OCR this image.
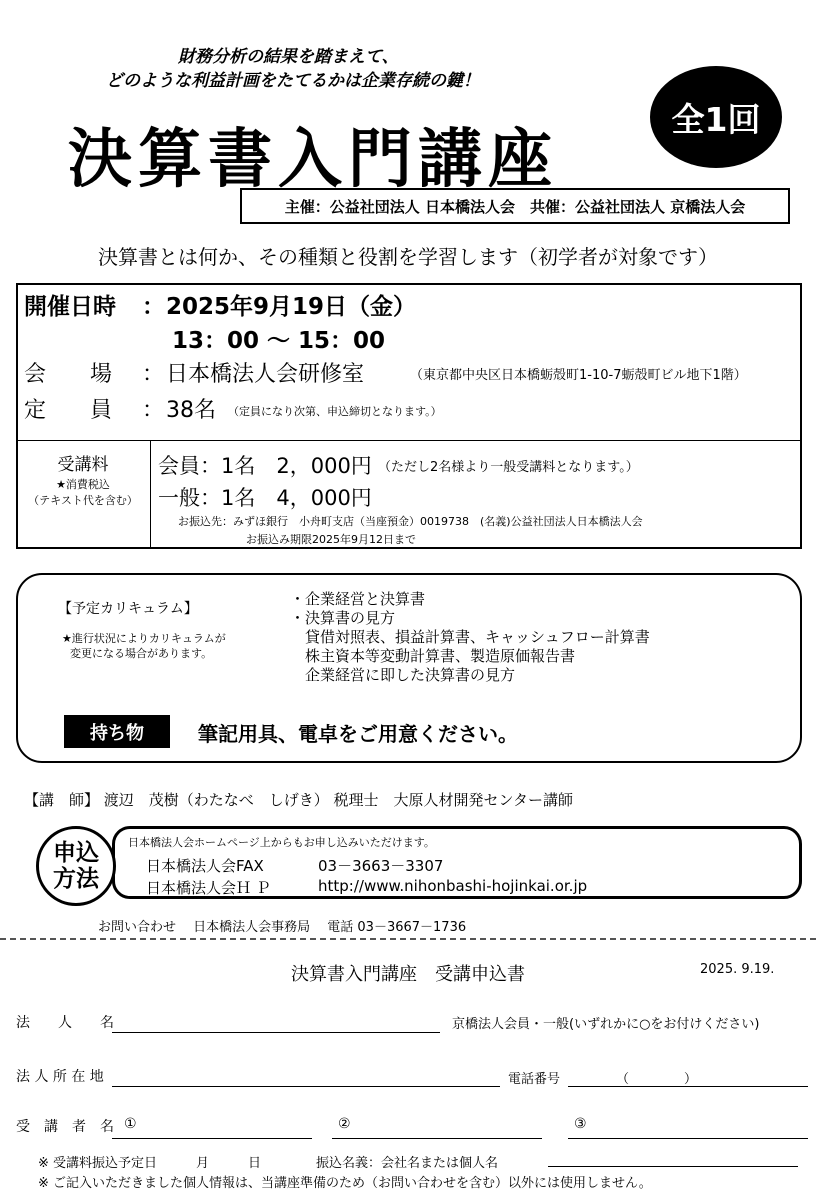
財務分析の結果を踏まえて、
どのような利益計画をたてるかは企業存続の鍵！
決算書入門講座
全1回
主催：公益社団法人 日本橋法人会　共催：公益社団法人 京橋法人会
決算書とは何か、その種類と役割を学習します（初学者が対象です）
開催日時 ： 2025年9月19日（金）
13：00 ～ 15：00
会　　場 ： 日本橋法人会研修室	（東京都中央区日本橋蛎殻町1-10-7蛎殻町ビル地下1階）
定　　員 ： 38名 （定員になり次第、申込締切となります。）
受講料
★消費税込
（テキスト代を含む）
会員：1名　2，000円 （ただし2名様より一般受講料となります。）
一般：1名　4，000円
お振込先：みずほ銀行　小舟町支店（当座預金）0019738　(名義)公益社団法人日本橋法人会
お振込み期限2025年9月12日まで
【予定カリキュラム】
★進行状況によりカリキュラムが
変更になる場合があります。
・企業経営と決算書
・決算書の見方
　貸借対照表、損益計算書、キャッシュフロー計算書
　株主資本等変動計算書、製造原価報告書
　企業経営に即した決算書の見方
持ち物	筆記用具、電卓をご用意ください。
【講　師】 渡辺　茂樹（わたなべ　しげき） 税理士　大原人材開発センター講師
申込
方法
日本橋法人会ホームページ上からもお申し込みいただけます。
日本橋法人会FAX	03－3663－3307
日本橋法人会Ｈ Ｐ	http://www.nihonbashi-hojinkai.or.jp
お問い合わせ　 日本橋法人会事務局　 電話 03－3667－1736
決算書入門講座　受講申込書	2025. 9.19.
法　　人　　名	京橋法人会員・一般(いずれかに○をお付けください)
法 人 所 在 地	電話番号	（	）
受　講　者　名 ①	②	③
※ 受講料振込予定日　　　月　　　日	振込名義：会社名または個人名
※ ご記入いただきました個人情報は、当講座準備のため（お問い合わせを含む）以外には使用しません。
